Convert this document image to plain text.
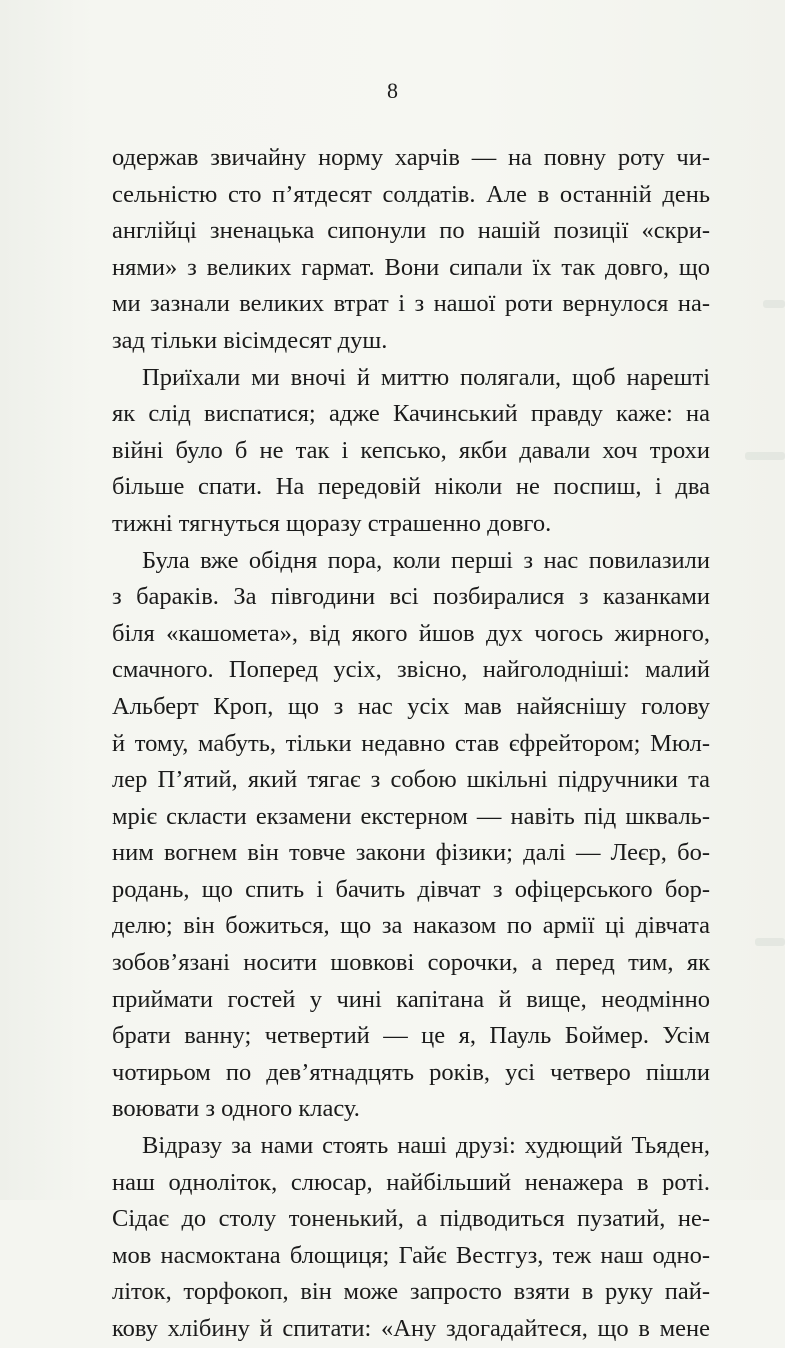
8
одержав звичайну норму харчів — на повну роту чи-
сельністю сто п’ятдесят солдатів. Але в останній день
англійці зненацька сипонули по нашій позиції «скри-
нями» з великих гармат. Вони сипали їх так довго, що
ми зазнали великих втрат і з нашої роти вернулося на-
зад тільки вісімдесят душ.
Приїхали ми вночі й миттю полягали, щоб нарешті
як слід виспатися; адже Качинський правду каже: на
війні було б не так і кепсько, якби давали хоч трохи
більше спати. На передовій ніколи не поспиш, і два
тижні тягнуться щоразу страшенно довго.
Була вже обідня пора, коли перші з нас повилазили
з бараків. За півгодини всі позбиралися з казанками
біля «кашомета», від якого йшов дух чогось жирного,
смачного. Поперед усіх, звісно, найголодніші: малий
Альберт Кроп, що з нас усіх мав найяснішу голову
й тому, мабуть, тільки недавно став єфрейтором; Мюл-
лер П’ятий, який тягає з собою шкільні підручники та
мріє скласти екзамени екстерном — навіть під шкваль-
ним вогнем він товче закони фізики; далі — Леєр, бо-
родань, що спить і бачить дівчат з офіцерського бор-
делю; він божиться, що за наказом по армії ці дівчата
зобов’язані носити шовкові сорочки, а перед тим, як
приймати гостей у чині капітана й вище, неодмінно
брати ванну; четвертий — це я, Пауль Боймер. Усім
чотирьом по дев’ятнадцять років, усі четверо пішли
воювати з одного класу.
Відразу за нами стоять наші друзі: худющий Тьяден,
наш одноліток, слюсар, найбільший ненажера в роті.
Сідає до столу тоненький, а підводиться пузатий, не-
мов насмоктана блощиця; Гайє Вестгуз, теж наш одно-
літок, торфокоп, він може запросто взяти в руку пай-
кову хлібину й спитати: «Ану здогадайтеся, що в мене
